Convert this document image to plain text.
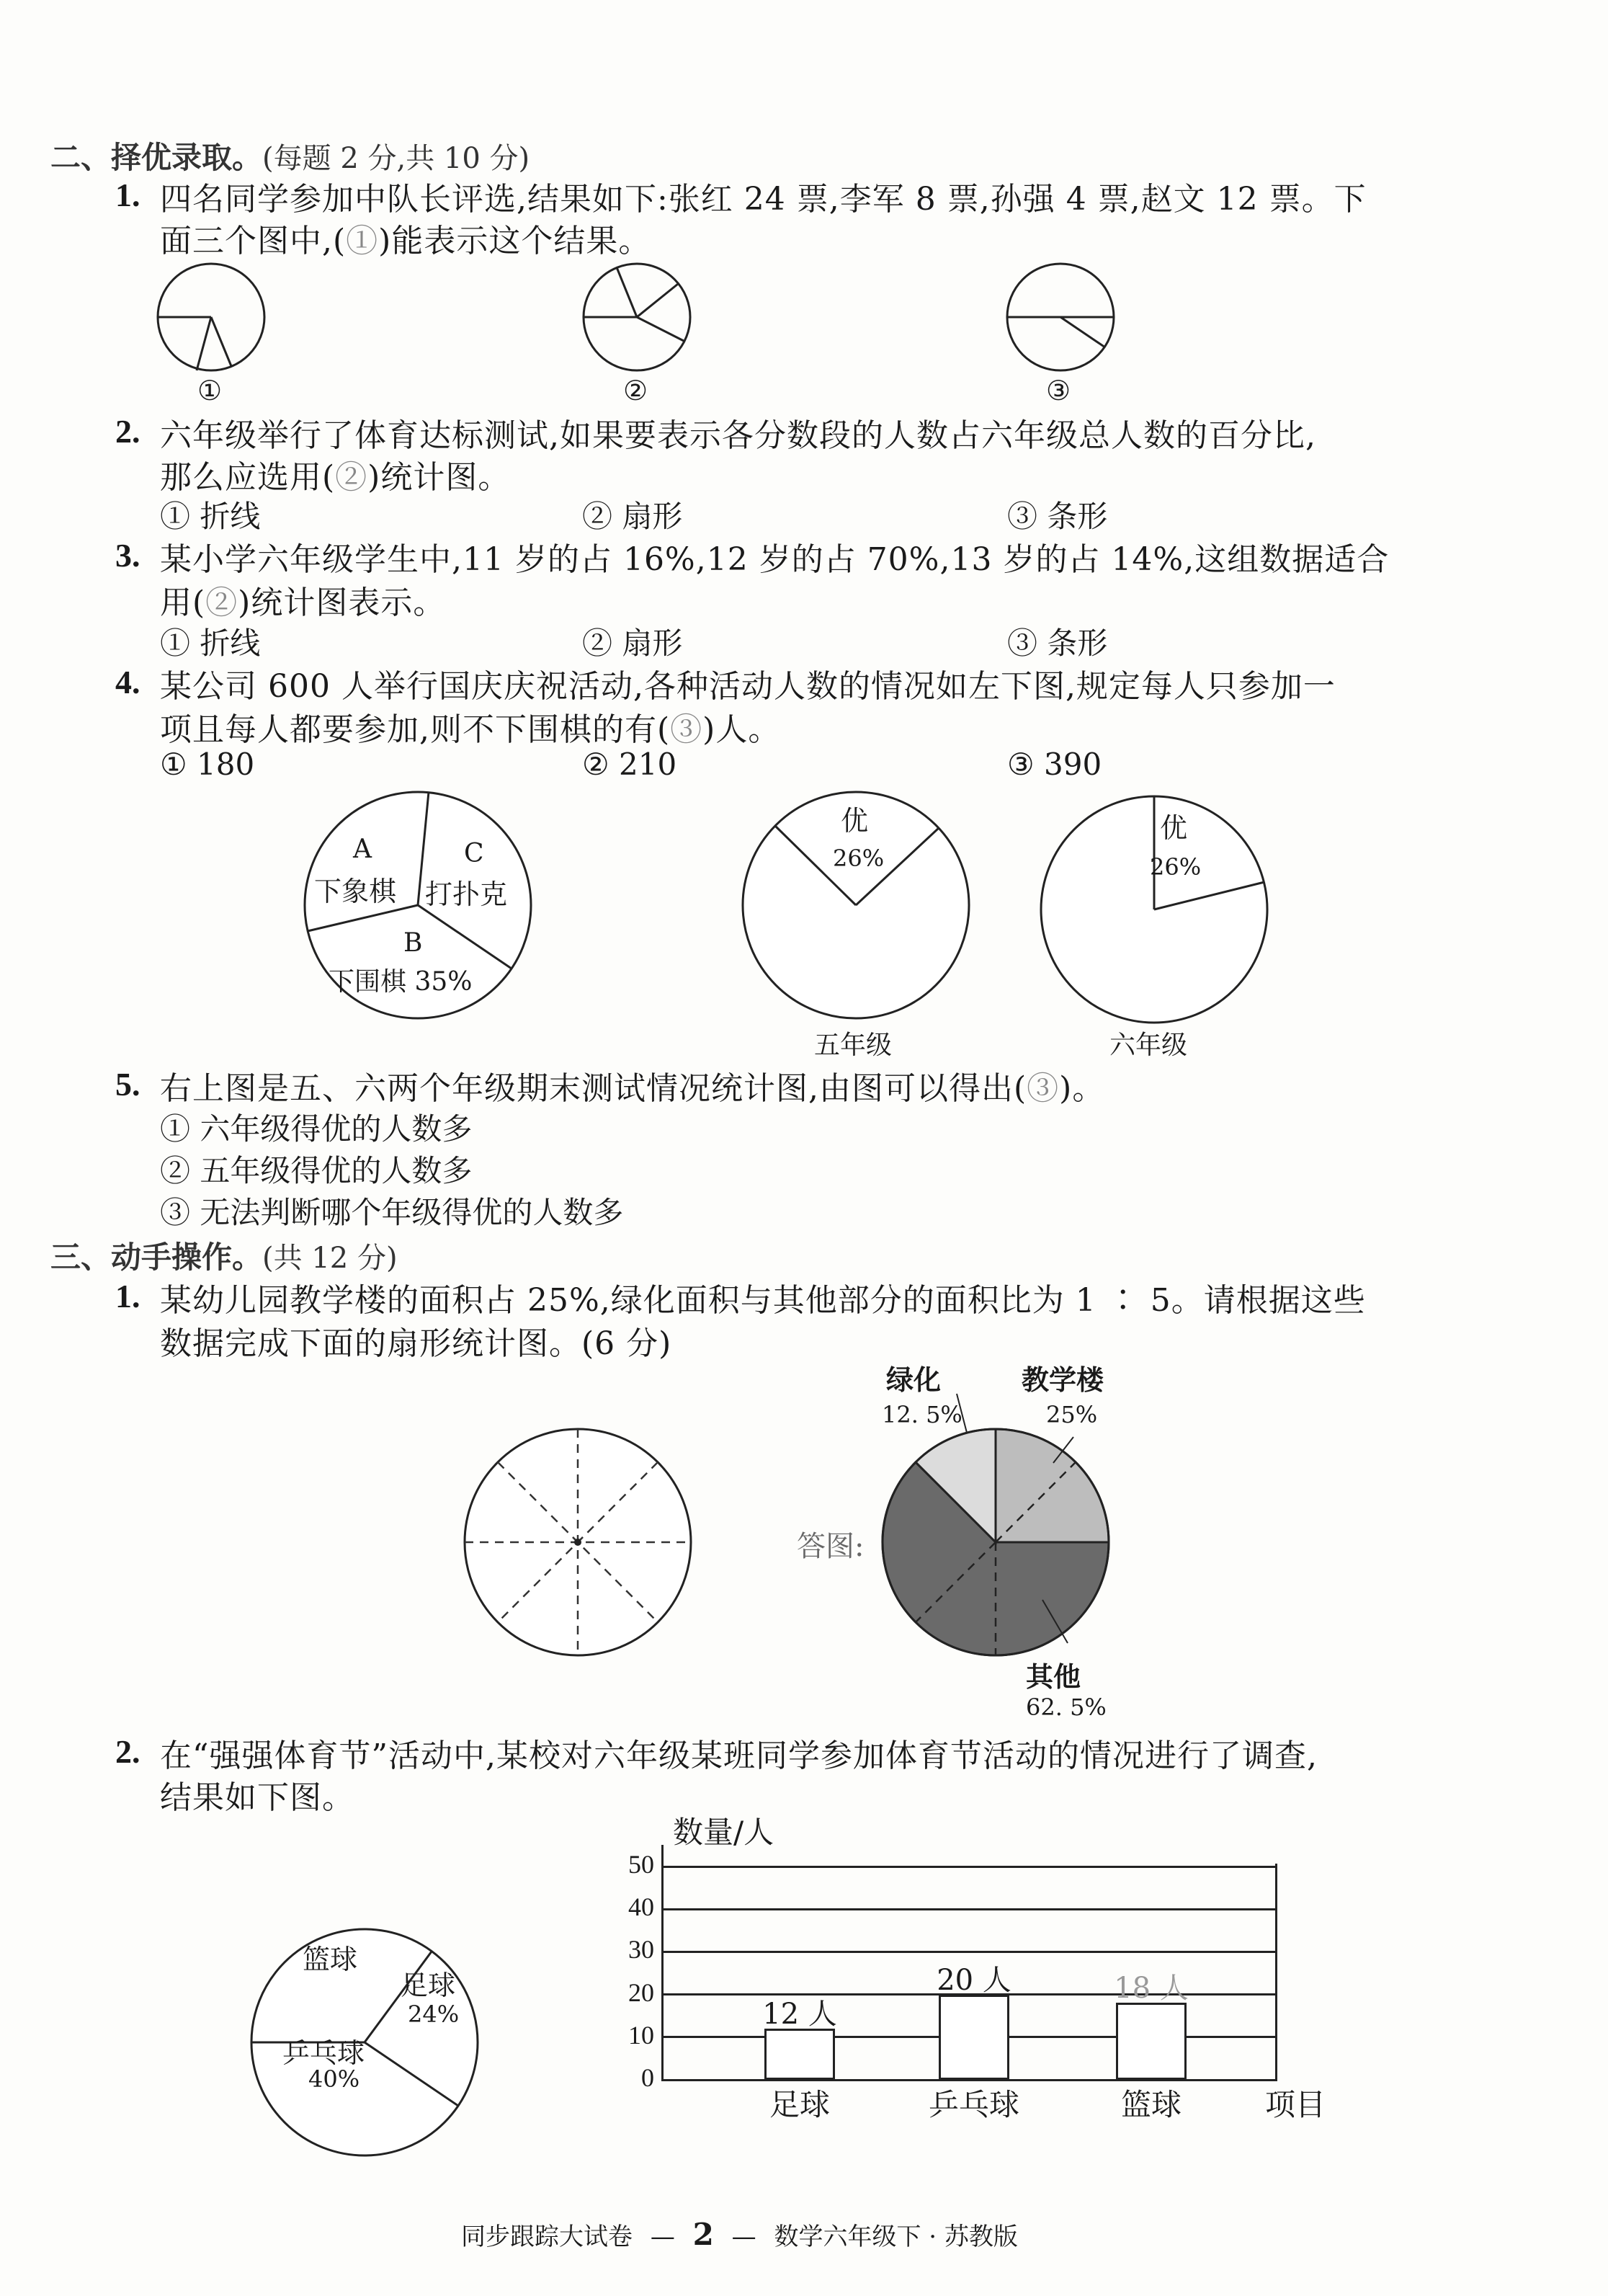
二、择优录取。(每题 2 分,共 10 分)
1. 四名同学参加中队长评选,结果如下:张红 24 票,李军 8 票,孙强 4 票,赵文 12 票。下
面三个图中,(①)能表示这个结果。
①	②	③
2. 六年级举行了体育达标测试,如果要表示各分数段的人数占六年级总人数的百分比,
那么应选用(②)统计图。
① 折线	② 扇形	③ 条形
3. 某小学六年级学生中,11 岁的占 16%,12 岁的占 70%,13 岁的占 14%,这组数据适合
用(②)统计图表示。
① 折线	② 扇形	③ 条形
4. 某公司 600 人举行国庆庆祝活动,各种活动人数的情况如左下图,规定每人只参加一
项且每人都要参加,则不下围棋的有(③)人。
① 180	② 210	③ 390
A
下象棋
C
打扑克
B
下围棋 35%
优
26%
五年级
优
26%
六年级
5. 右上图是五、六两个年级期末测试情况统计图,由图可以得出(③)。
① 六年级得优的人数多
② 五年级得优的人数多
③ 无法判断哪个年级得优的人数多
三、动手操作。(共 12 分)
1. 某幼儿园教学楼的面积占 25%,绿化面积与其他部分的面积比为 1 ∶ 5。请根据这些
数据完成下面的扇形统计图。(6 分)
答图:
绿化
12. 5%
教学楼
25%
其他
62. 5%
2. 在“强强体育节”活动中,某校对六年级某班同学参加体育节活动的情况进行了调查,
结果如下图。
篮球
足球
24%
乒乓球
40%
数量/人
项目
0
10
20
30
40
50
12 人
足球
20 人
乒乓球
18 人
篮球
同步跟踪大试卷 — 2 — 数学六年级下 · 苏教版
